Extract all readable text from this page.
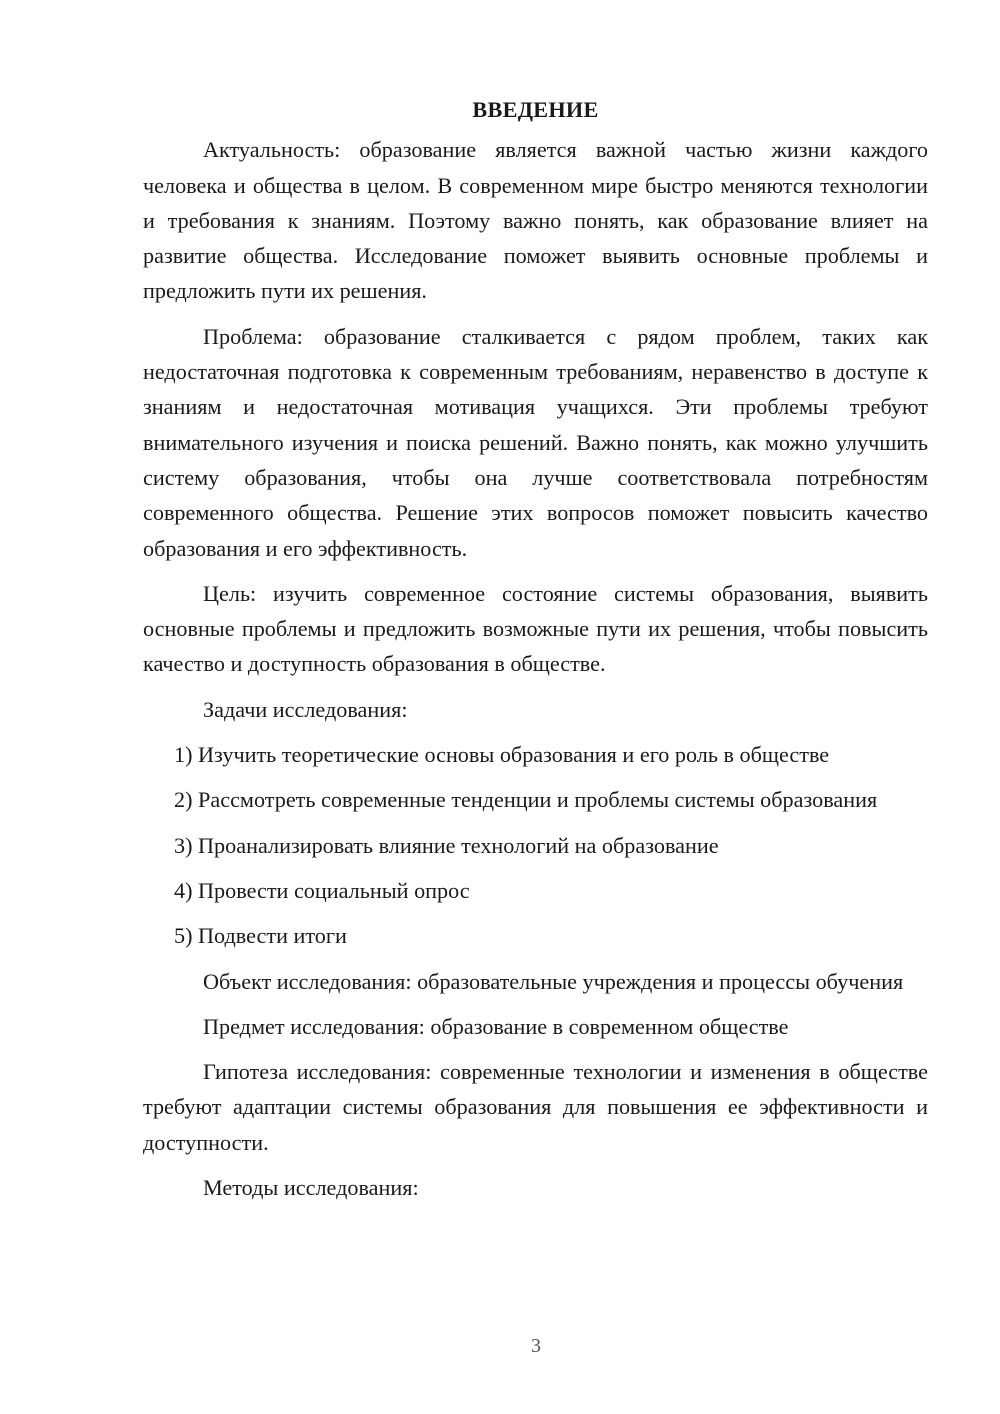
ВВЕДЕНИЕ

Актуальность: образование является важной частью жизни каждого человека и общества в целом. В современном мире быстро меняются технологии и требования к знаниям. Поэтому важно понять, как образование влияет на развитие общества. Исследование поможет выявить основные проблемы и предложить пути их решения.

Проблема: образование сталкивается с рядом проблем, таких как недостаточная подготовка к современным требованиям, неравенство в доступе к знаниям и недостаточная мотивация учащихся. Эти проблемы требуют внимательного изучения и поиска решений. Важно понять, как можно улучшить систему образования, чтобы она лучше соответствовала потребностям современного общества. Решение этих вопросов поможет повысить качество образования и его эффективность.

Цель: изучить современное состояние системы образования, выявить основные проблемы и предложить возможные пути их решения, чтобы повысить качество и доступность образования в обществе.

Задачи исследования:

1) Изучить теоретические основы образования и его роль в обществе

2) Рассмотреть современные тенденции и проблемы системы образования

3) Проанализировать влияние технологий на образование

4) Провести социальный опрос

5) Подвести итоги

Объект исследования: образовательные учреждения и процессы обучения

Предмет исследования: образование в современном обществе

Гипотеза исследования: современные технологии и изменения в обществе требуют адаптации системы образования для повышения ее эффективности и доступности.

Методы исследования:

3
